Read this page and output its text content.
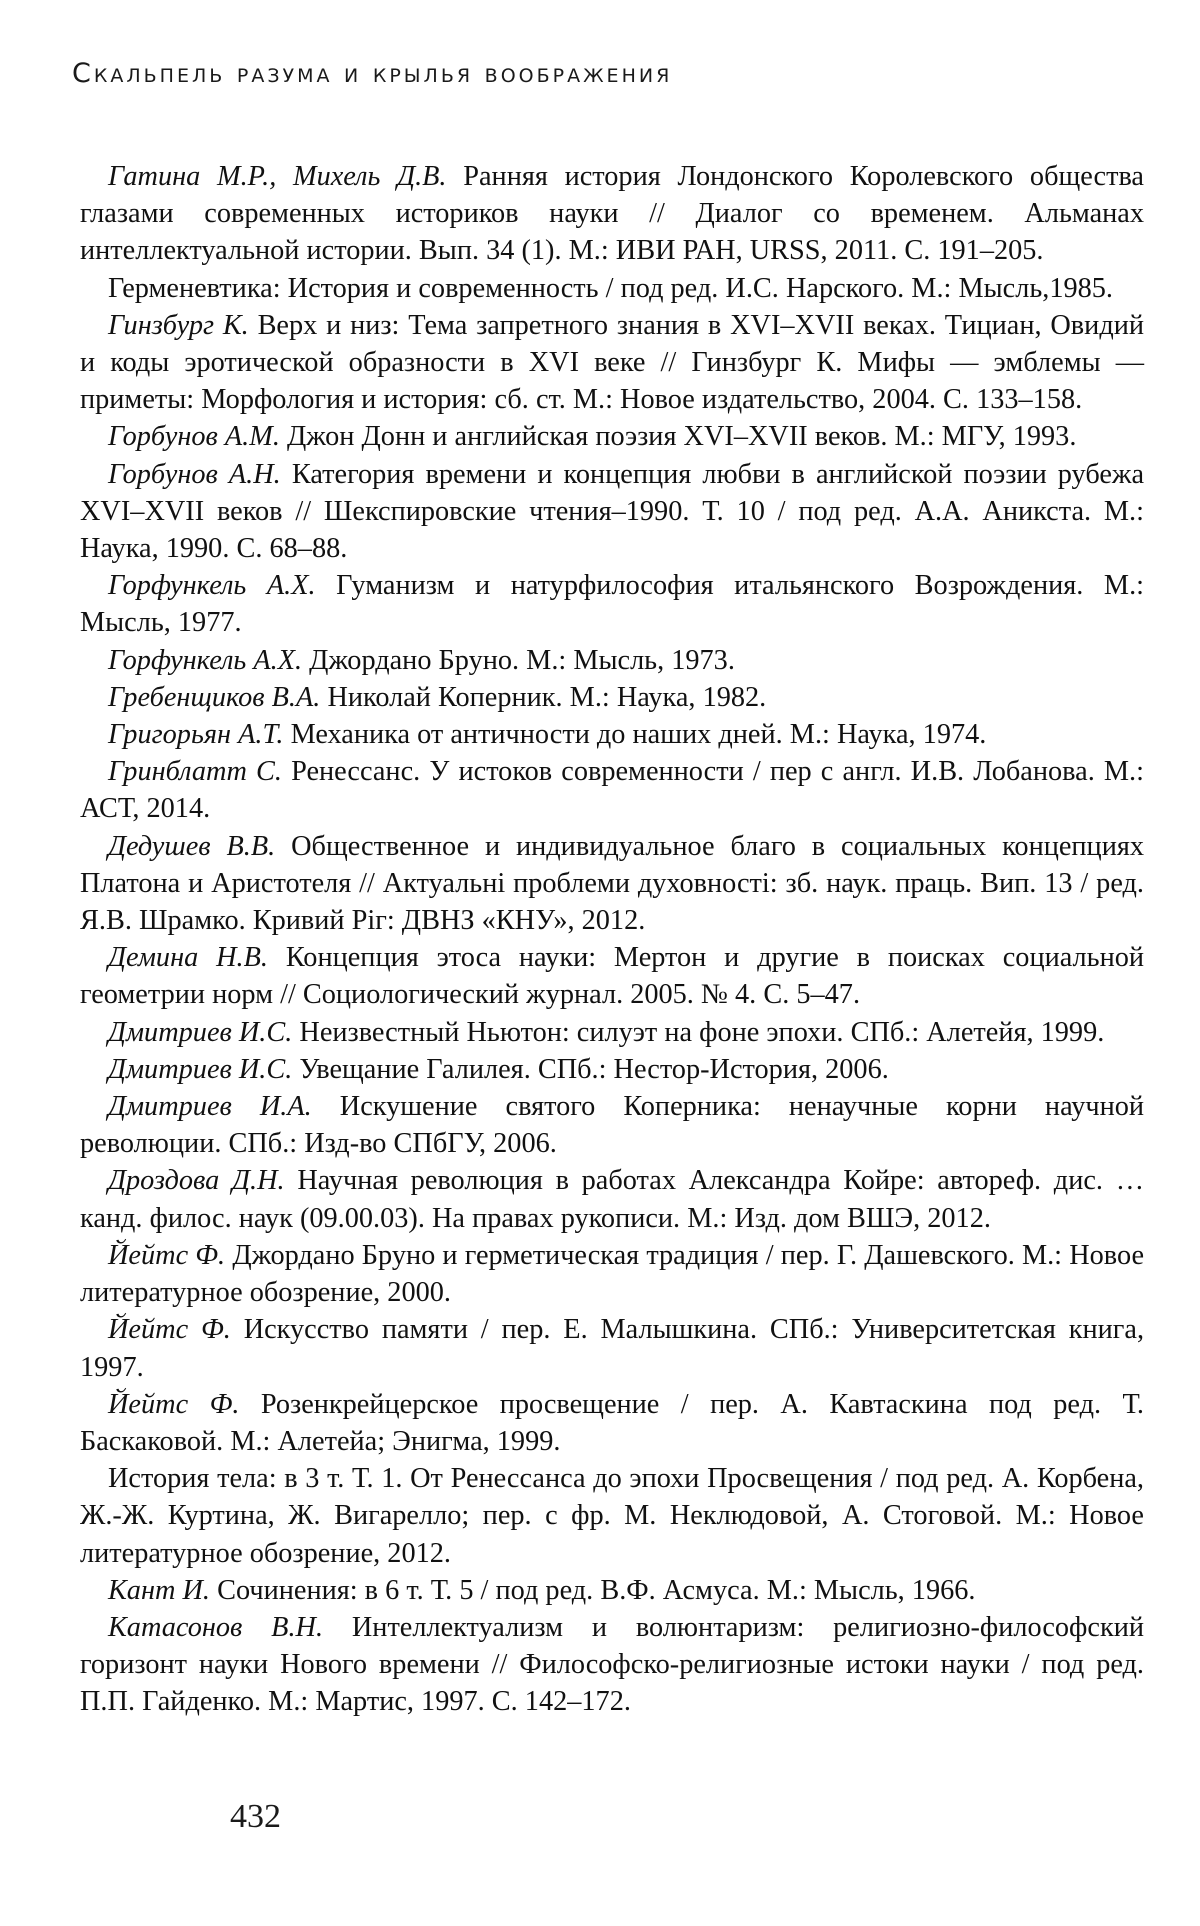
Скальпель разума и крылья воображения
Гатина М.Р., Михель Д.В. Ранняя история Лондонского Королевского общества глазами современных историков науки // Диалог со временем. Альманах интеллектуальной истории. Вып. 34 (1). М.: ИВИ РАН, URSS, 2011. С. 191–205.
Герменевтика: История и современность / под ред. И.С. Нарского. М.: Мысль,1985.
Гинзбург К. Верх и низ: Тема запретного знания в XVI–XVII веках. Тициан, Овидий и коды эротической образности в XVI веке // Гинзбург К. Мифы — эмблемы — приметы: Морфология и история: сб. ст. М.: Новое издательство, 2004. С. 133–158.
Горбунов А.М. Джон Донн и английская поэзия XVI–XVII веков. М.: МГУ, 1993.
Горбунов А.Н. Категория времени и концепция любви в английской поэзии рубежа XVI–XVII веков // Шекспировские чтения–1990. Т. 10 / под ред. А.А. Аникста. М.: Наука, 1990. С. 68–88.
Горфункель А.Х. Гуманизм и натурфилософия итальянского Возрождения. М.: Мысль, 1977.
Горфункель А.Х. Джордано Бруно. М.: Мысль, 1973.
Гребенщиков В.А. Николай Коперник. М.: Наука, 1982.
Григорьян А.Т. Механика от античности до наших дней. М.: Наука, 1974.
Гринблатт С. Ренессанс. У истоков современности / пер с англ. И.В. Лобанова. М.: АСТ, 2014.
Дедушев В.В. Общественное и индивидуальное благо в социальных концепциях Платона и Аристотеля // Актуальні проблеми духовності: зб. наук. праць. Вип. 13 / ред. Я.В. Шрамко. Кривий Ріг: ДВНЗ «КНУ», 2012.
Демина Н.В. Концепция этоса науки: Мертон и другие в поисках социальной геометрии норм // Социологический журнал. 2005. № 4. С. 5–47.
Дмитриев И.С. Неизвестный Ньютон: силуэт на фоне эпохи. СПб.: Алетейя, 1999.
Дмитриев И.С. Увещание Галилея. СПб.: Нестор-История, 2006.
Дмитриев И.А. Искушение святого Коперника: ненаучные корни научной революции. СПб.: Изд-во СПбГУ, 2006.
Дроздова Д.Н. Научная революция в работах Александра Койре: автореф. дис. … канд. филос. наук (09.00.03). На правах рукописи. М.: Изд. дом ВШЭ, 2012.
Йейтс Ф. Джордано Бруно и герметическая традиция / пер. Г. Дашевского. М.: Новое литературное обозрение, 2000.
Йейтс Ф. Искусство памяти / пер. Е. Малышкина. СПб.: Университетская книга, 1997.
Йейтс Ф. Розенкрейцерское просвещение / пер. А. Кавтаскина под ред. Т. Баскаковой. М.: Алетейа; Энигма, 1999.
История тела: в 3 т. Т. 1. От Ренессанса до эпохи Просвещения / под ред. А. Корбена, Ж.-Ж. Куртина, Ж. Вигарелло; пер. с фр. М. Неклюдовой, А. Стоговой. М.: Новое литературное обозрение, 2012.
Кант И. Сочинения: в 6 т. Т. 5 / под ред. В.Ф. Асмуса. М.: Мысль, 1966.
Катасонов В.Н. Интеллектуализм и волюнтаризм: религиозно-философский горизонт науки Нового времени // Философско-религиозные истоки науки / под ред. П.П. Гайденко. М.: Мартис, 1997. С. 142–172.
432
